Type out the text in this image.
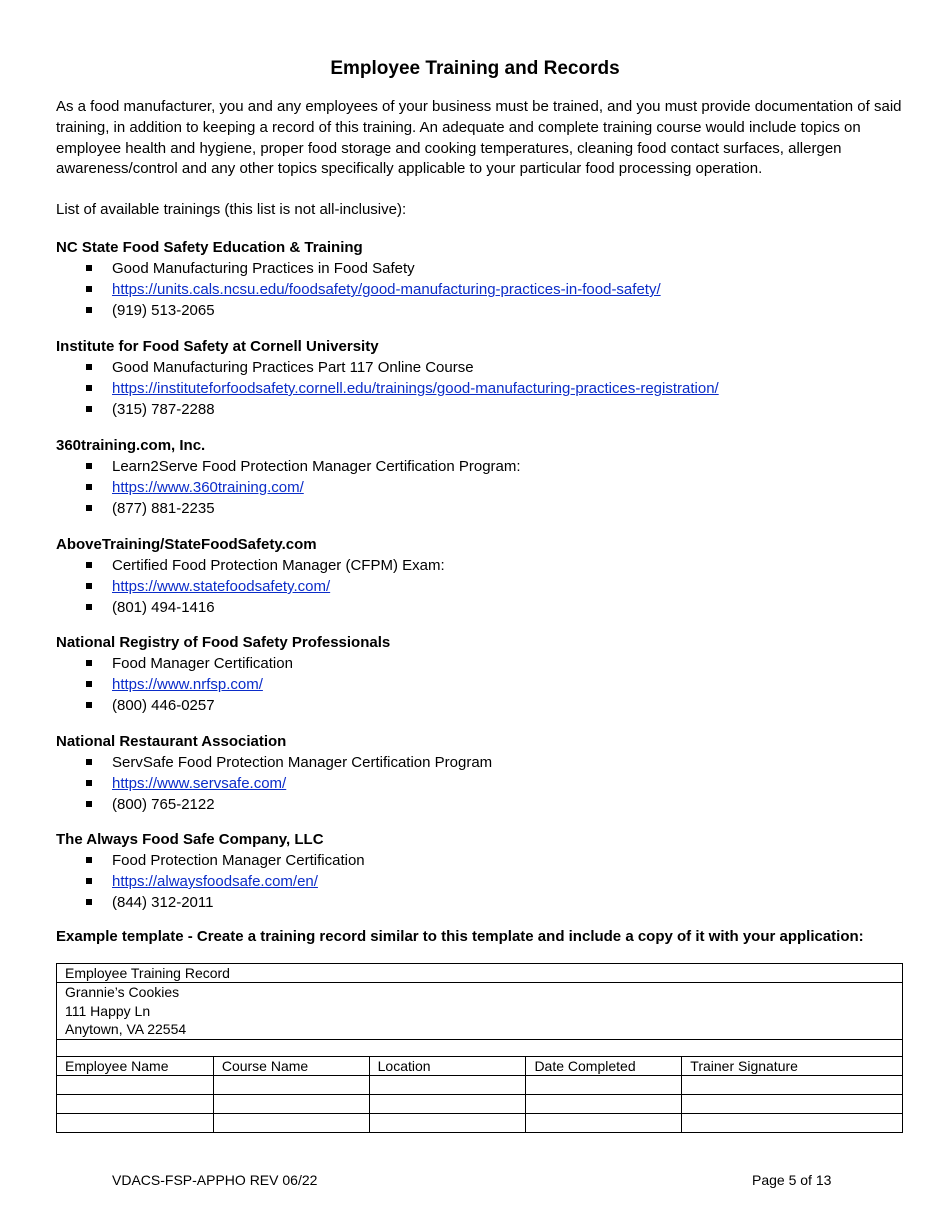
Employee Training and Records
As a food manufacturer, you and any employees of your business must be trained, and you must provide documentation of said training, in addition to keeping a record of this training. An adequate and complete training course would include topics on employee health and hygiene, proper food storage and cooking temperatures, cleaning food contact surfaces, allergen awareness/control and any other topics specifically applicable to your particular food processing operation.
List of available trainings (this list is not all-inclusive):
NC State Food Safety Education & Training
Good Manufacturing Practices in Food Safety
https://units.cals.ncsu.edu/foodsafety/good-manufacturing-practices-in-food-safety/
(919) 513-2065
Institute for Food Safety at Cornell University
Good Manufacturing Practices Part 117 Online Course
https://instituteforfoodsafety.cornell.edu/trainings/good-manufacturing-practices-registration/
(315) 787-2288
360training.com, Inc.
Learn2Serve Food Protection Manager Certification Program:
https://www.360training.com/
(877) 881-2235
AboveTraining/StateFoodSafety.com
Certified Food Protection Manager (CFPM) Exam:
https://www.statefoodsafety.com/
(801) 494-1416
National Registry of Food Safety Professionals
Food Manager Certification
https://www.nrfsp.com/
(800) 446-0257
National Restaurant Association
ServSafe Food Protection Manager Certification Program
https://www.servsafe.com/
(800) 765-2122
The Always Food Safe Company, LLC
Food Protection Manager Certification
https://alwaysfoodsafe.com/en/
(844) 312-2011
Example template - Create a training record similar to this template and include a copy of it with your application:
Employee Training Record				

Grannie’s Cookies
111 Happy Ln
Anytown, VA 22554				

Employee Name	Course Name	Location	Date Completed	Trainer Signature

VDACS-FSP-APPHO REV 06/22	Page 5 of 13
